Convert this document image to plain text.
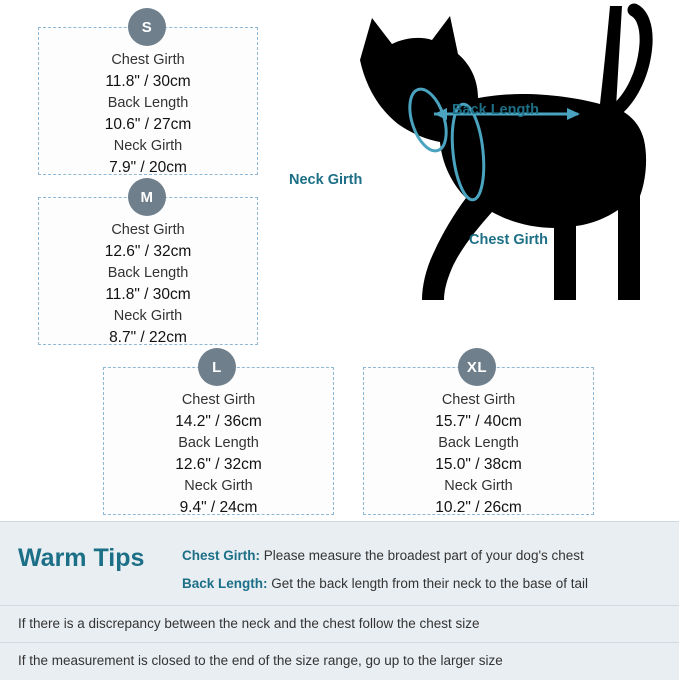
S
Chest Girth
11.8" / 30cm
Back Length
10.6" / 27cm
Neck Girth
7.9" / 20cm
M
Chest Girth
12.6" / 32cm
Back Length
11.8" / 30cm
Neck Girth
8.7" / 22cm
L
Chest Girth
14.2" / 36cm
Back Length
12.6" / 32cm
Neck Girth
9.4" / 24cm
XL
Chest Girth
15.7" / 40cm
Back Length
15.0" / 38cm
Neck Girth
10.2" / 26cm
Back Length
Neck Girth
Chest Girth
Warm Tips	Chest Girth: Please measure the broadest part of your dog's chest
Back Length: Get the back length from their neck to the base of tail
If there is a discrepancy between the neck and the chest follow the chest size
If the measurement is closed to the end of the size range, go up to the larger size
